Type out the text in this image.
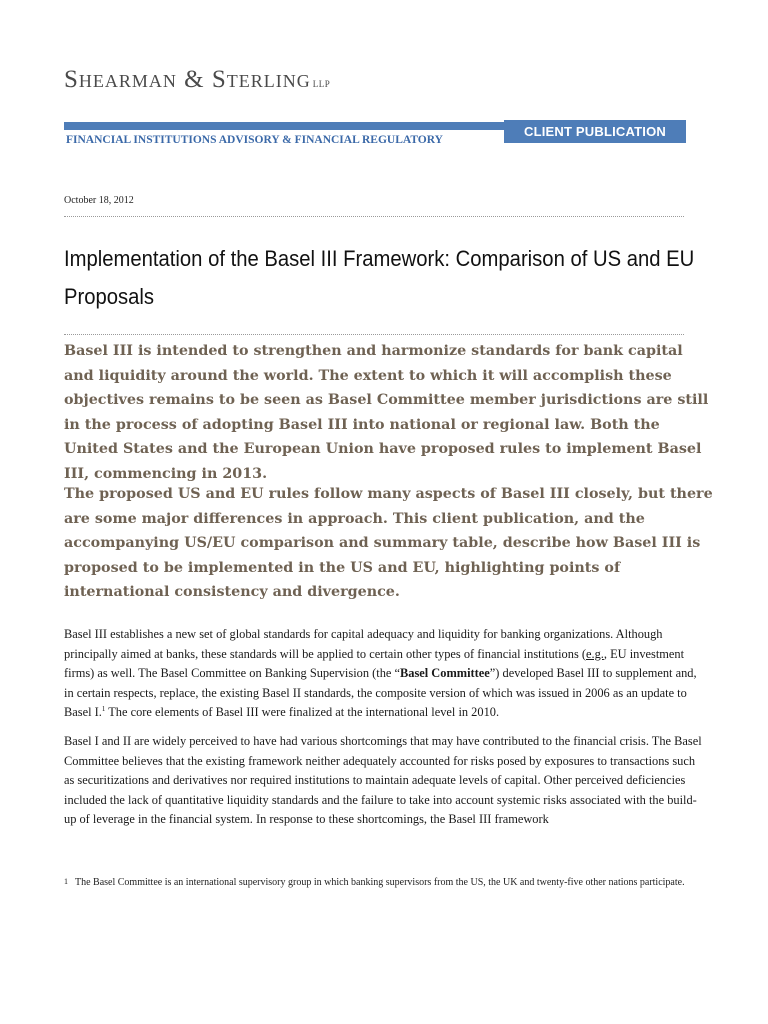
Shearman & Sterling LLP
CLIENT PUBLICATION
FINANCIAL INSTITUTIONS ADVISORY & FINANCIAL REGULATORY
October 18, 2012
Implementation of the Basel III Framework: Comparison of US and EU Proposals

Basel III is intended to strengthen and harmonize standards for bank capital and liquidity around the world. The extent to which it will accomplish these objectives remains to be seen as Basel Committee member jurisdictions are still in the process of adopting Basel III into national or regional law. Both the United States and the European Union have proposed rules to implement Basel III, commencing in 2013.

The proposed US and EU rules follow many aspects of Basel III closely, but there are some major differences in approach. This client publication, and the accompanying US/EU comparison and summary table, describe how Basel III is proposed to be implemented in the US and EU, highlighting points of international consistency and divergence.

Basel III establishes a new set of global standards for capital adequacy and liquidity for banking organizations. Although principally aimed at banks, these standards will be applied to certain other types of financial institutions (e.g., EU investment firms) as well. The Basel Committee on Banking Supervision (the “Basel Committee”) developed Basel III to supplement and, in certain respects, replace, the existing Basel II standards, the composite version of which was issued in 2006 as an update to Basel I.$^1$ The core elements of Basel III were finalized at the international level in 2010.

Basel I and II are widely perceived to have had various shortcomings that may have contributed to the financial crisis. The Basel Committee believes that the existing framework neither adequately accounted for risks posed by exposures to transactions such as securitizations and derivatives nor required institutions to maintain adequate levels of capital. Other perceived deficiencies included the lack of quantitative liquidity standards and the failure to take into account systemic risks associated with the build-up of leverage in the financial system. In response to these shortcomings, the Basel III framework

1 The Basel Committee is an international supervisory group in which banking supervisors from the US, the UK and twenty-five other nations participate.
